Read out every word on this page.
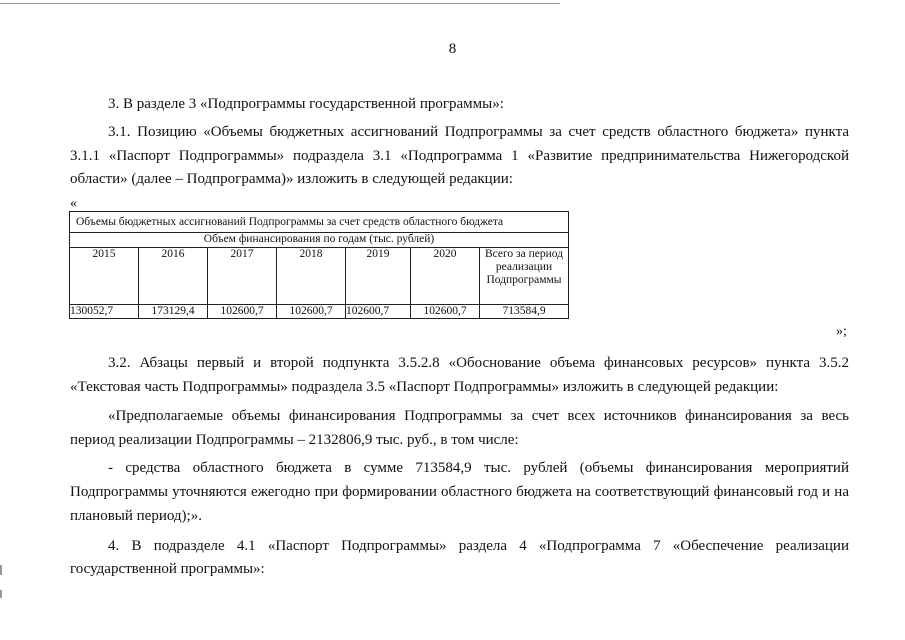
8
3. В разделе 3 «Подпрограммы государственной программы»:
3.1. Позицию «Объемы бюджетных ассигнований Подпрограммы за счет средств областного бюджета» пункта
3.1.1 «Паспорт Подпрограммы» подраздела 3.1 «Подпрограмма 1 «Развитие предпринимательства Нижегородской
области» (далее – Подпрограмма)» изложить в следующей редакции:
«
Объемы бюджетных ассигнований Подпрограммы за счет средств областного бюджета						
Объем финансирования по годам (тыс. рублей)						
2015	2016	2017	2018	2019	2020	Всего за период реализации Подпрограммы
130052,7	173129,4	102600,7	102600,7	102600,7	102600,7	713584,9
»;
3.2. Абзацы первый и второй подпункта 3.5.2.8 «Обоснование объема финансовых ресурсов» пункта 3.5.2
«Текстовая часть Подпрограммы» подраздела 3.5 «Паспорт Подпрограммы» изложить в следующей редакции:
«Предполагаемые объемы финансирования Подпрограммы за счет всех источников финансирования за весь
период реализации Подпрограммы – 2132806,9 тыс. руб., в том числе:
- средства областного бюджета в сумме 713584,9 тыс. рублей (объемы финансирования мероприятий
Подпрограммы уточняются ежегодно при формировании областного бюджета на соответствующий финансовый год и на
плановый период);».
4. В подразделе 4.1 «Паспорт Подпрограммы» раздела 4 «Подпрограмма 7 «Обеспечение реализации
государственной программы»:
